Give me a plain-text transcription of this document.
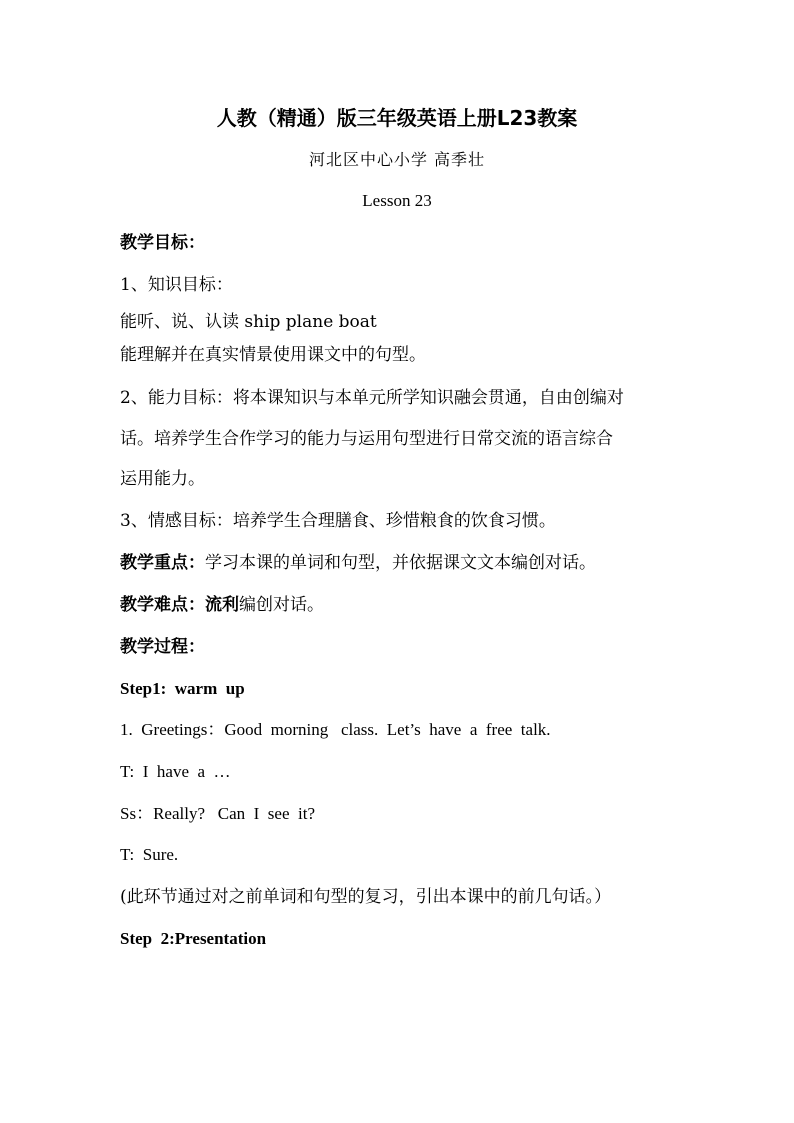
人教（精通）版三年级英语上册L23教案
河北区中心小学 高季壮
Lesson 23
教学目标：
1、知识目标：
能听、说、认读 ship plane boat
能理解并在真实情景使用课文中的句型。
2、能力目标：将本课知识与本单元所学知识融会贯通，自由创编对
话。培养学生合作学习的能力与运用句型进行日常交流的语言综合
运用能力。
3、情感目标：培养学生合理膳食、珍惜粮食的饮食习惯。
教学重点：学习本课的单词和句型，并依据课文文本编创对话。
教学难点：流利编创对话。
教学过程：
Step1:  warm  up
1.  Greetings：Good  morning   class.  Let’s  have  a  free  talk.
T:  I  have  a  …
Ss：Really?   Can  I  see  it?
T:  Sure.
(此环节通过对之前单词和句型的复习，引出本课中的前几句话。）
Step  2:Presentation
